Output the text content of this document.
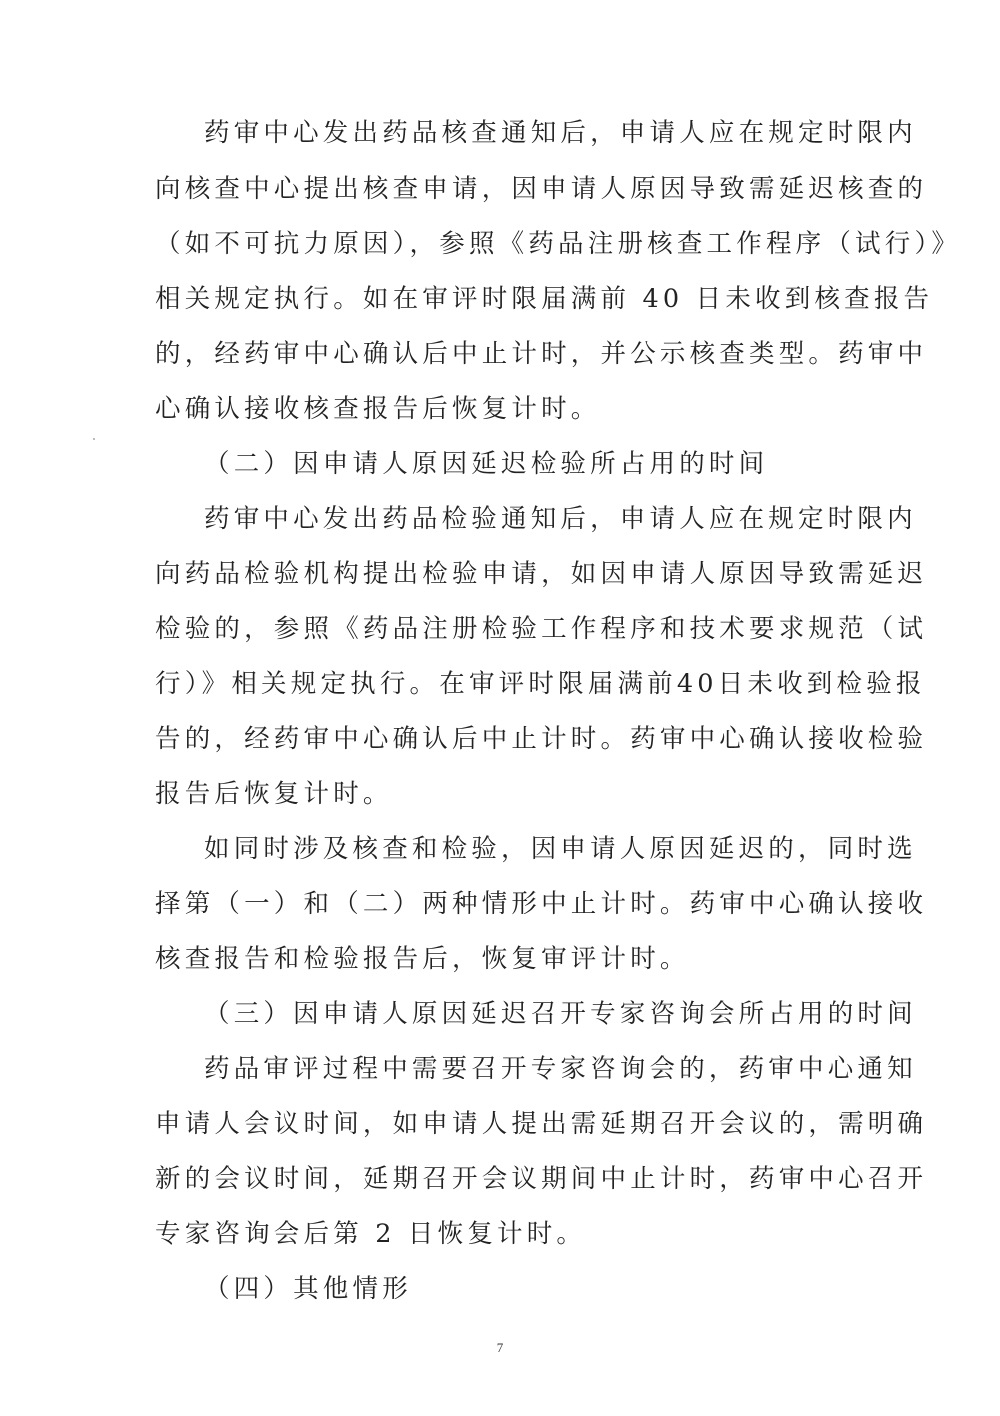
药审中心发出药品核查通知后，申请人应在规定时限内
向核查中心提出核查申请，因申请人原因导致需延迟核查的
（如不可抗力原因），参照《药品注册核查工作程序（试行）》
相关规定执行。如在审评时限届满前 40 日未收到核查报告
的，经药审中心确认后中止计时，并公示核查类型。药审中
心确认接收核查报告后恢复计时。
（二）因申请人原因延迟检验所占用的时间
药审中心发出药品检验通知后，申请人应在规定时限内
向药品检验机构提出检验申请，如因申请人原因导致需延迟
检验的，参照《药品注册检验工作程序和技术要求规范（试
行）》相关规定执行。在审评时限届满前40日未收到检验报
告的，经药审中心确认后中止计时。药审中心确认接收检验
报告后恢复计时。
如同时涉及核查和检验，因申请人原因延迟的，同时选
择第（一）和（二）两种情形中止计时。药审中心确认接收
核查报告和检验报告后，恢复审评计时。
（三）因申请人原因延迟召开专家咨询会所占用的时间
药品审评过程中需要召开专家咨询会的，药审中心通知
申请人会议时间，如申请人提出需延期召开会议的，需明确
新的会议时间，延期召开会议期间中止计时，药审中心召开
专家咨询会后第 2 日恢复计时。
（四）其他情形
7
